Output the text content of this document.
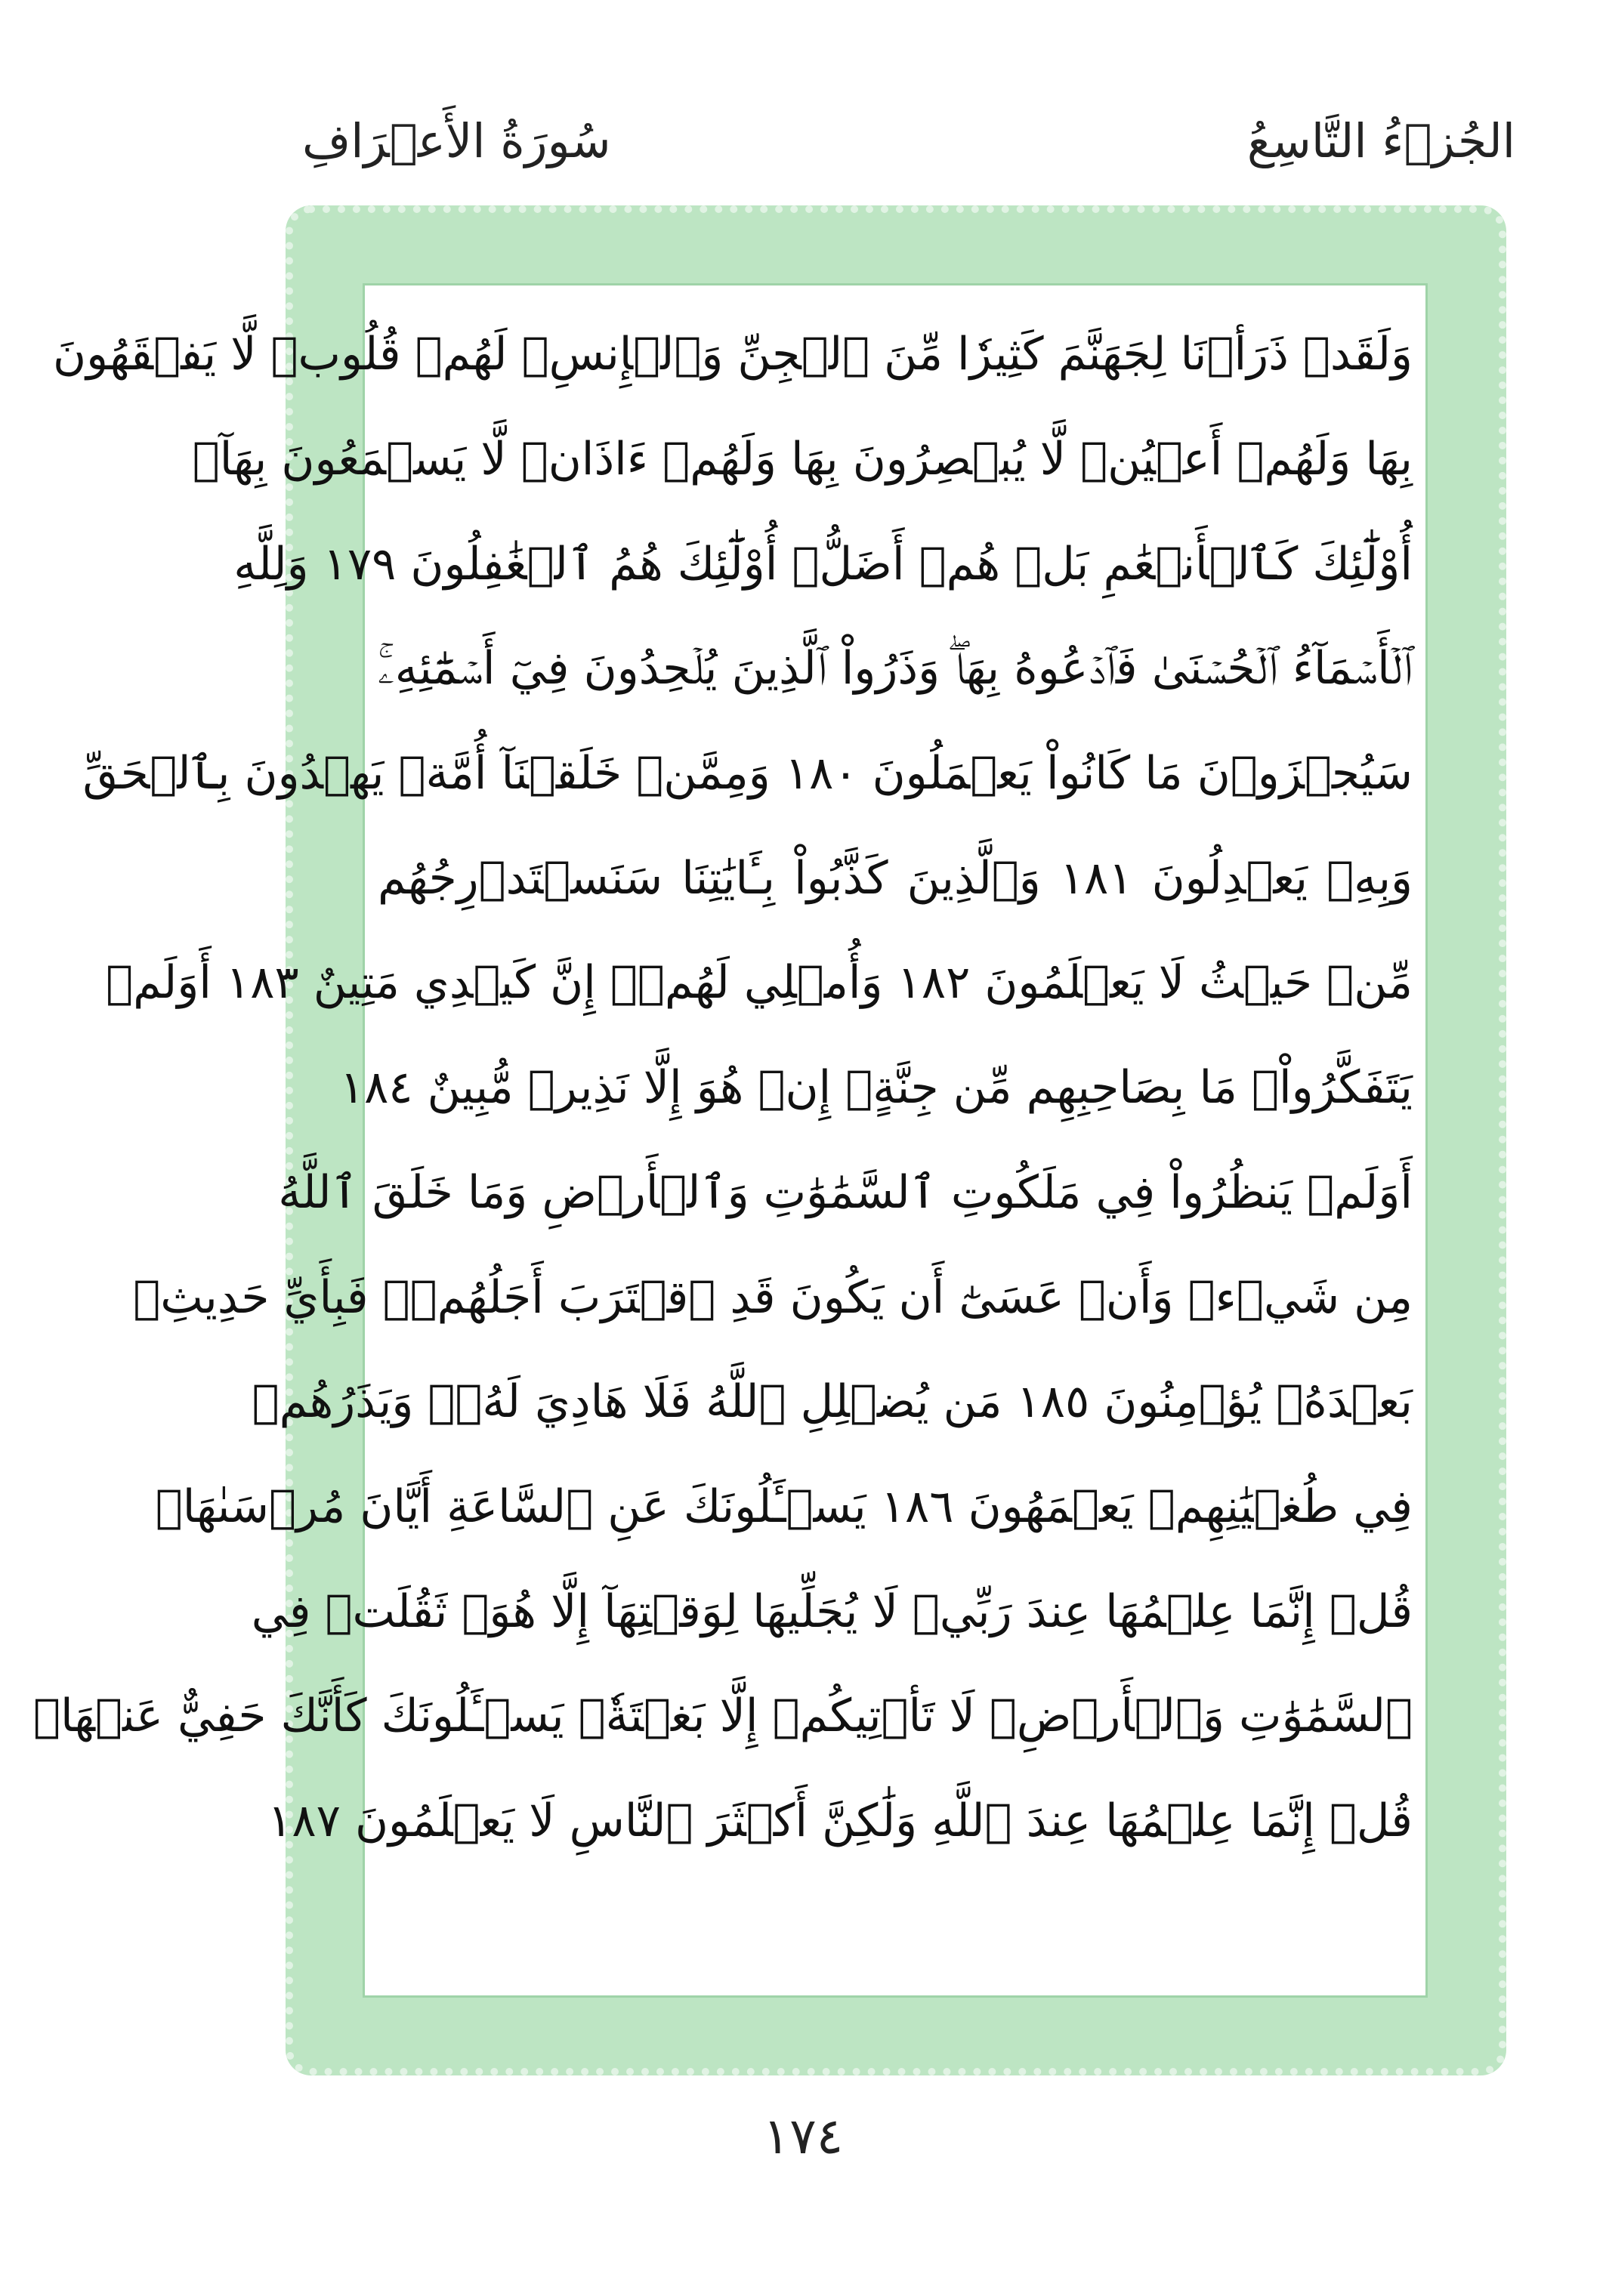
الجُزۡءُ التَّاسِعُ
سُورَةُ الأَعۡرَافِ
وَلَقَدۡ ذَرَأۡنَا لِجَهَنَّمَ كَثِيرٗا مِّنَ ٱلۡجِنِّ وَٱلۡإِنسِۖ لَهُمۡ قُلُوبٞ لَّا يَفۡقَهُونَ
بِهَا وَلَهُمۡ أَعۡيُنٞ لَّا يُبۡصِرُونَ بِهَا وَلَهُمۡ ءَاذَانٞ لَّا يَسۡمَعُونَ بِهَآۚ
أُوْلَٰٓئِكَ كَٱلۡأَنۡعَٰمِ بَلۡ هُمۡ أَضَلُّۚ أُوْلَٰٓئِكَ هُمُ ٱلۡغَٰفِلُونَ ١٧٩ وَلِلَّهِ
ٱلۡأَسۡمَآءُ ٱلۡحُسۡنَىٰ فَٱدۡعُوهُ بِهَاۖ وَذَرُواْ ٱلَّذِينَ يُلۡحِدُونَ فِيٓ أَسۡمَٰٓئِهِۦۚ
سَيُجۡزَوۡنَ مَا كَانُواْ يَعۡمَلُونَ ١٨٠ وَمِمَّنۡ خَلَقۡنَآ أُمَّةٞ يَهۡدُونَ بِٱلۡحَقِّ
وَبِهِۦ يَعۡدِلُونَ ١٨١ وَٱلَّذِينَ كَذَّبُواْ بِـَٔايَٰتِنَا سَنَسۡتَدۡرِجُهُم
مِّنۡ حَيۡثُ لَا يَعۡلَمُونَ ١٨٢ وَأُمۡلِي لَهُمۡۚ إِنَّ كَيۡدِي مَتِينٌ ١٨٣ أَوَلَمۡ
يَتَفَكَّرُواْۗ مَا بِصَاحِبِهِم مِّن جِنَّةٍۚ إِنۡ هُوَ إِلَّا نَذِيرٞ مُّبِينٌ ١٨٤
أَوَلَمۡ يَنظُرُواْ فِي مَلَكُوتِ ٱلسَّمَٰوَٰتِ وَٱلۡأَرۡضِ وَمَا خَلَقَ ٱللَّهُ
مِن شَيۡءٖ وَأَنۡ عَسَىٰٓ أَن يَكُونَ قَدِ ٱقۡتَرَبَ أَجَلُهُمۡۖ فَبِأَيِّ حَدِيثِۭ
بَعۡدَهُۥ يُؤۡمِنُونَ ١٨٥ مَن يُضۡلِلِ ٱللَّهُ فَلَا هَادِيَ لَهُۥۚ وَيَذَرُهُمۡ
فِي طُغۡيَٰنِهِمۡ يَعۡمَهُونَ ١٨٦ يَسۡـَٔلُونَكَ عَنِ ٱلسَّاعَةِ أَيَّانَ مُرۡسَىٰهَاۖ
قُلۡ إِنَّمَا عِلۡمُهَا عِندَ رَبِّيۖ لَا يُجَلِّيهَا لِوَقۡتِهَآ إِلَّا هُوَۚ ثَقُلَتۡ فِي
ٱلسَّمَٰوَٰتِ وَٱلۡأَرۡضِۚ لَا تَأۡتِيكُمۡ إِلَّا بَغۡتَةٗۗ يَسۡـَٔلُونَكَ كَأَنَّكَ حَفِيٌّ عَنۡهَاۖ
قُلۡ إِنَّمَا عِلۡمُهَا عِندَ ٱللَّهِ وَلَٰكِنَّ أَكۡثَرَ ٱلنَّاسِ لَا يَعۡلَمُونَ ١٨٧
١٧٤
